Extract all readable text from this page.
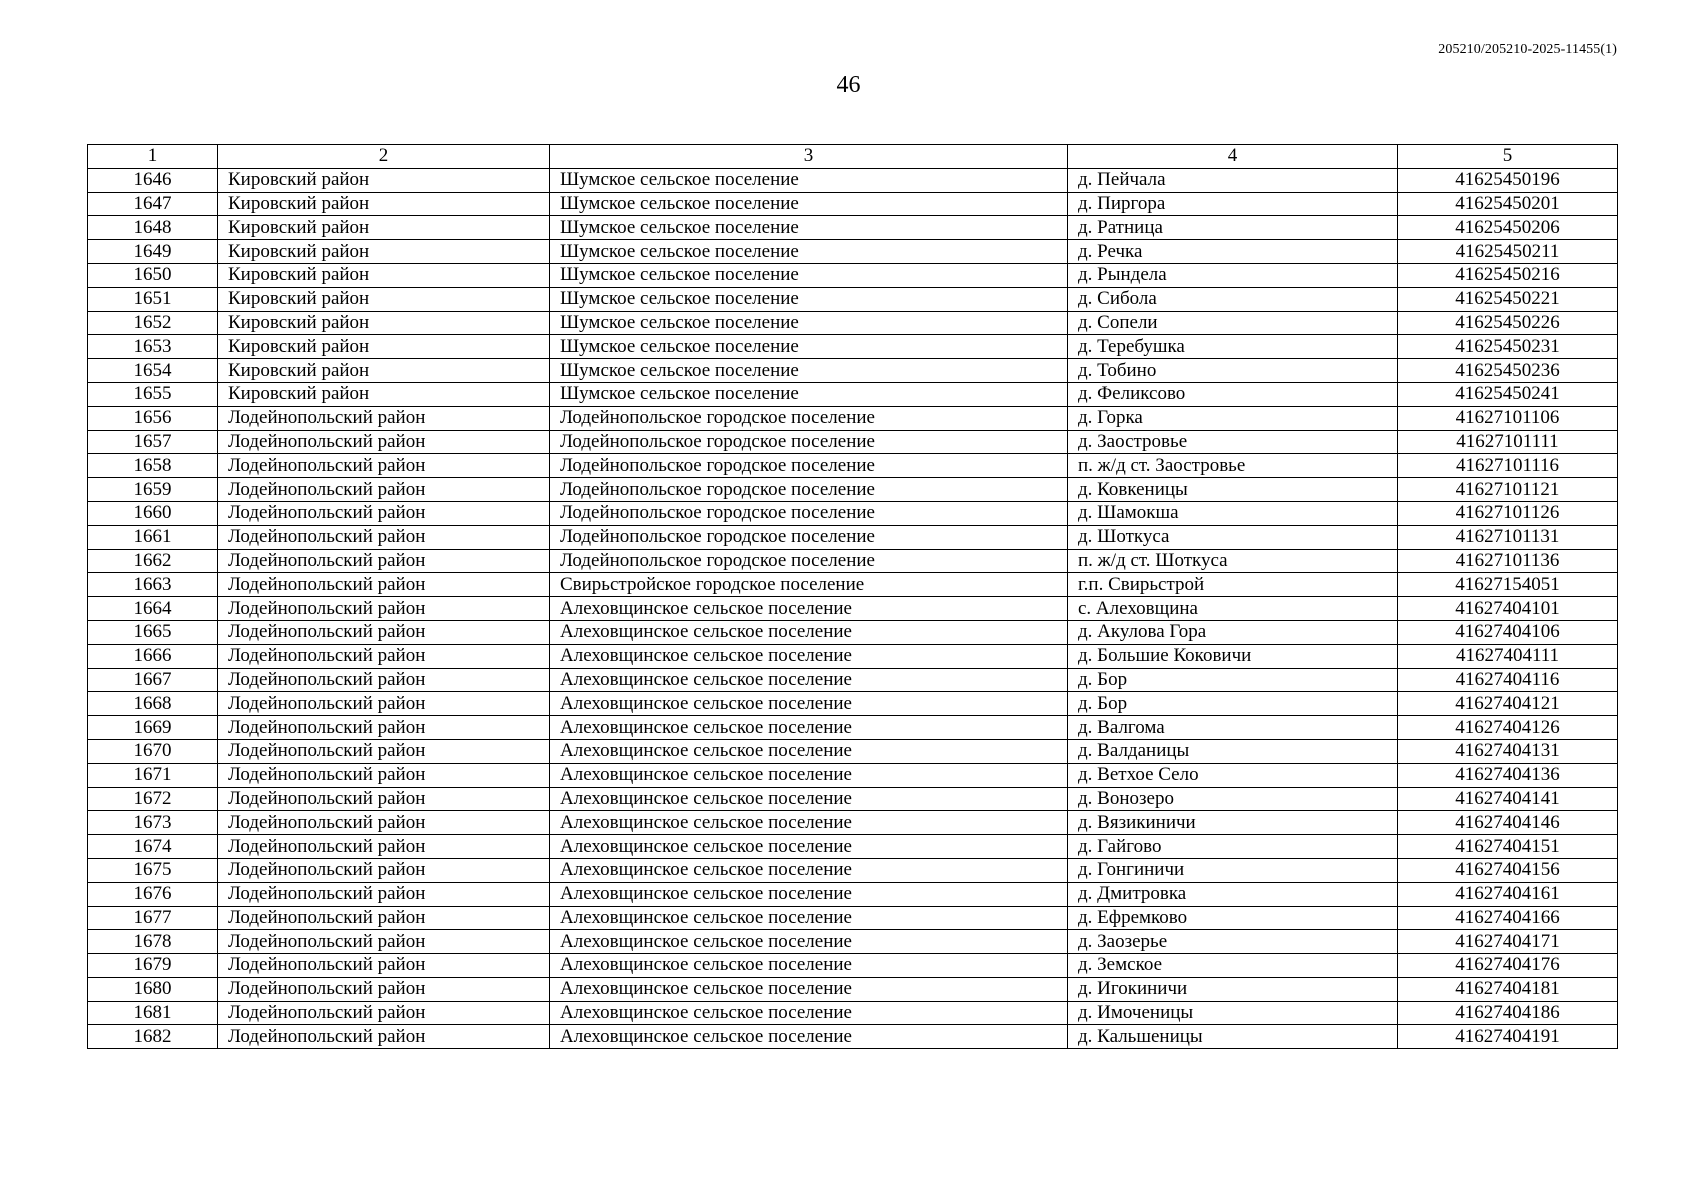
205210/205210-2025-11455(1)
46
1	2	3	4	5
1646	Кировский район	Шумское сельское поселение	д. Пейчала	41625450196
1647	Кировский район	Шумское сельское поселение	д. Пиргора	41625450201
1648	Кировский район	Шумское сельское поселение	д. Ратница	41625450206
1649	Кировский район	Шумское сельское поселение	д. Речка	41625450211
1650	Кировский район	Шумское сельское поселение	д. Рындела	41625450216
1651	Кировский район	Шумское сельское поселение	д. Сибола	41625450221
1652	Кировский район	Шумское сельское поселение	д. Сопели	41625450226
1653	Кировский район	Шумское сельское поселение	д. Теребушка	41625450231
1654	Кировский район	Шумское сельское поселение	д. Тобино	41625450236
1655	Кировский район	Шумское сельское поселение	д. Феликсово	41625450241
1656	Лодейнопольский район	Лодейнопольское городское поселение	д. Горка	41627101106
1657	Лодейнопольский район	Лодейнопольское городское поселение	д. Заостровье	41627101111
1658	Лодейнопольский район	Лодейнопольское городское поселение	п. ж/д ст. Заостровье	41627101116
1659	Лодейнопольский район	Лодейнопольское городское поселение	д. Ковкеницы	41627101121
1660	Лодейнопольский район	Лодейнопольское городское поселение	д. Шамокша	41627101126
1661	Лодейнопольский район	Лодейнопольское городское поселение	д. Шоткуса	41627101131
1662	Лодейнопольский район	Лодейнопольское городское поселение	п. ж/д ст. Шоткуса	41627101136
1663	Лодейнопольский район	Свирьстройское городское поселение	г.п. Свирьстрой	41627154051
1664	Лодейнопольский район	Алеховщинское сельское поселение	с. Алеховщина	41627404101
1665	Лодейнопольский район	Алеховщинское сельское поселение	д. Акулова Гора	41627404106
1666	Лодейнопольский район	Алеховщинское сельское поселение	д. Большие Коковичи	41627404111
1667	Лодейнопольский район	Алеховщинское сельское поселение	д. Бор	41627404116
1668	Лодейнопольский район	Алеховщинское сельское поселение	д. Бор	41627404121
1669	Лодейнопольский район	Алеховщинское сельское поселение	д. Валгома	41627404126
1670	Лодейнопольский район	Алеховщинское сельское поселение	д. Валданицы	41627404131
1671	Лодейнопольский район	Алеховщинское сельское поселение	д. Ветхое Село	41627404136
1672	Лодейнопольский район	Алеховщинское сельское поселение	д. Вонозеро	41627404141
1673	Лодейнопольский район	Алеховщинское сельское поселение	д. Вязикиничи	41627404146
1674	Лодейнопольский район	Алеховщинское сельское поселение	д. Гайгово	41627404151
1675	Лодейнопольский район	Алеховщинское сельское поселение	д. Гонгиничи	41627404156
1676	Лодейнопольский район	Алеховщинское сельское поселение	д. Дмитровка	41627404161
1677	Лодейнопольский район	Алеховщинское сельское поселение	д. Ефремково	41627404166
1678	Лодейнопольский район	Алеховщинское сельское поселение	д. Заозерье	41627404171
1679	Лодейнопольский район	Алеховщинское сельское поселение	д. Земское	41627404176
1680	Лодейнопольский район	Алеховщинское сельское поселение	д. Игокиничи	41627404181
1681	Лодейнопольский район	Алеховщинское сельское поселение	д. Имоченицы	41627404186
1682	Лодейнопольский район	Алеховщинское сельское поселение	д. Кальшеницы	41627404191
